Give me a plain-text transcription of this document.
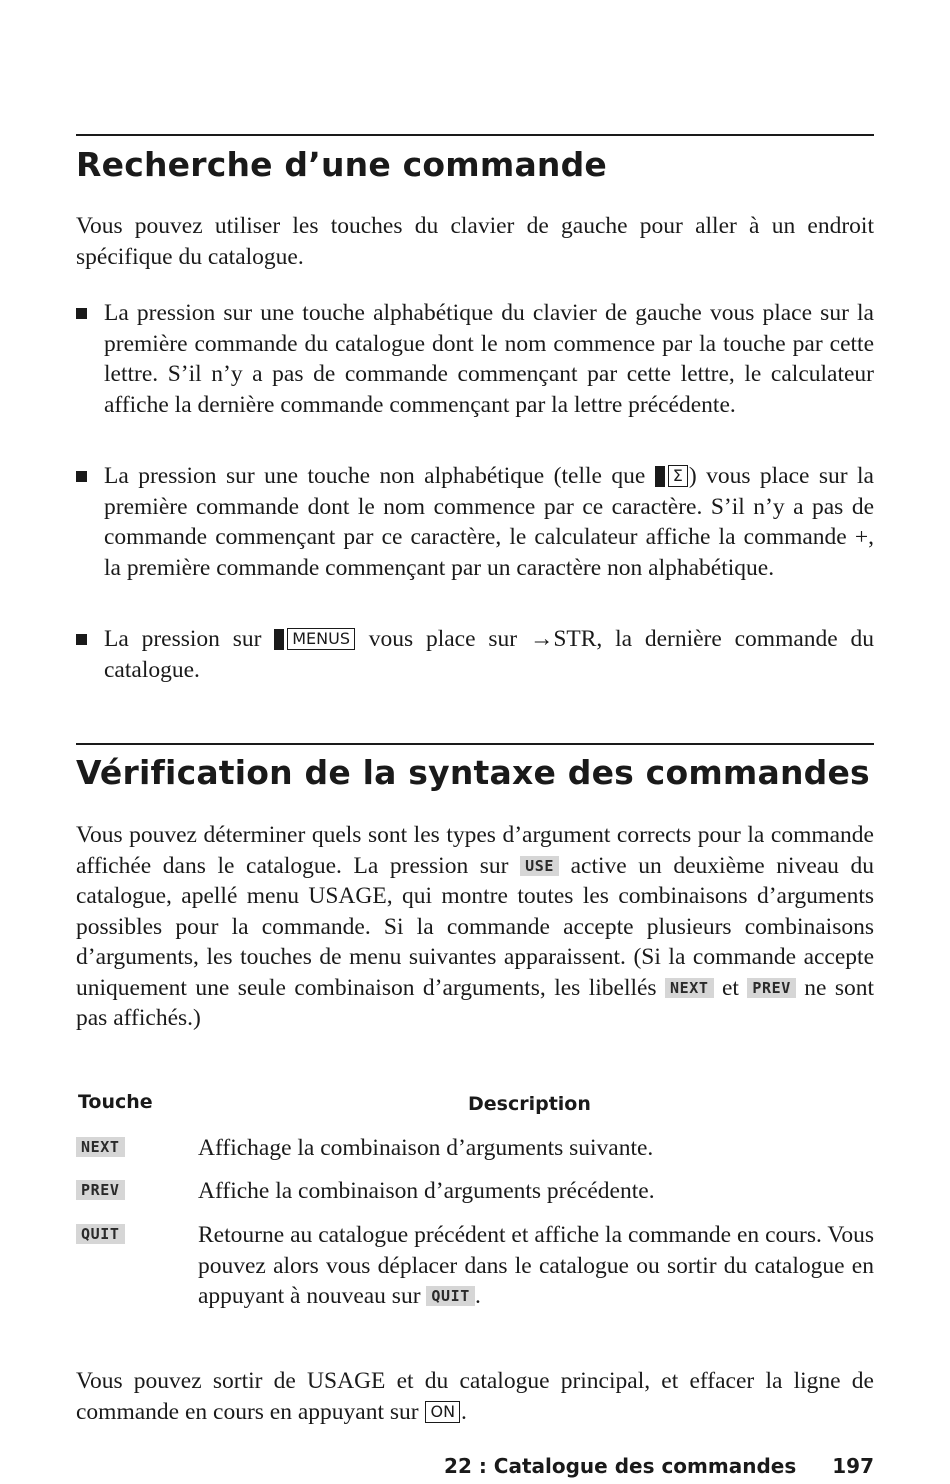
Recherche d’une commande

Vous pouvez utiliser les touches du clavier de gauche pour aller à un endroit spécifique du catalogue.

La pression sur une touche alphabétique du clavier de gauche vous place sur la première commande du catalogue dont le nom commence par la touche par cette lettre. S’il n’y a pas de commande commençant par cette lettre, le calculateur affiche la dernière commande commençant par la lettre précédente.

La pression sur une touche non alphabétique (telle que Σ ) vous place sur la première commande dont le nom commence par ce caractère. S’il n’y a pas de commande commençant par ce caractère, le calculateur affiche la commande +, la première commande commençant par un caractère non alphabétique.

La pression sur MENUS vous place sur →STR, la dernière commande du catalogue.

Vérification de la syntaxe des commandes

Vous pouvez déterminer quels sont les types d’argument corrects pour la commande affichée dans le catalogue. La pression sur USE active un deuxième niveau du catalogue, apellé menu USAGE, qui montre toutes les combinaisons d’arguments possibles pour la commande. Si la commande accepte plusieurs combinaisons d’arguments, les touches de menu suivantes apparaissent. (Si la commande accepte uniquement une seule combinaison d’arguments, les libellés NEXT et PREV ne sont pas affichés.)

Touche	Description
NEXT	Affichage la combinaison d’arguments suivante.

PREV	Affiche la combinaison d’arguments précédente.

QUIT	Retourne au catalogue précédent et affiche la commande en cours. Vous pouvez alors vous déplacer dans le catalogue ou sortir du catalogue en appuyant à nouveau sur QUIT .

Vous pouvez sortir de USAGE et du catalogue principal, et effacer la ligne de commande en cours en appuyant sur ON .

22 : Catalogue des commandes 197
